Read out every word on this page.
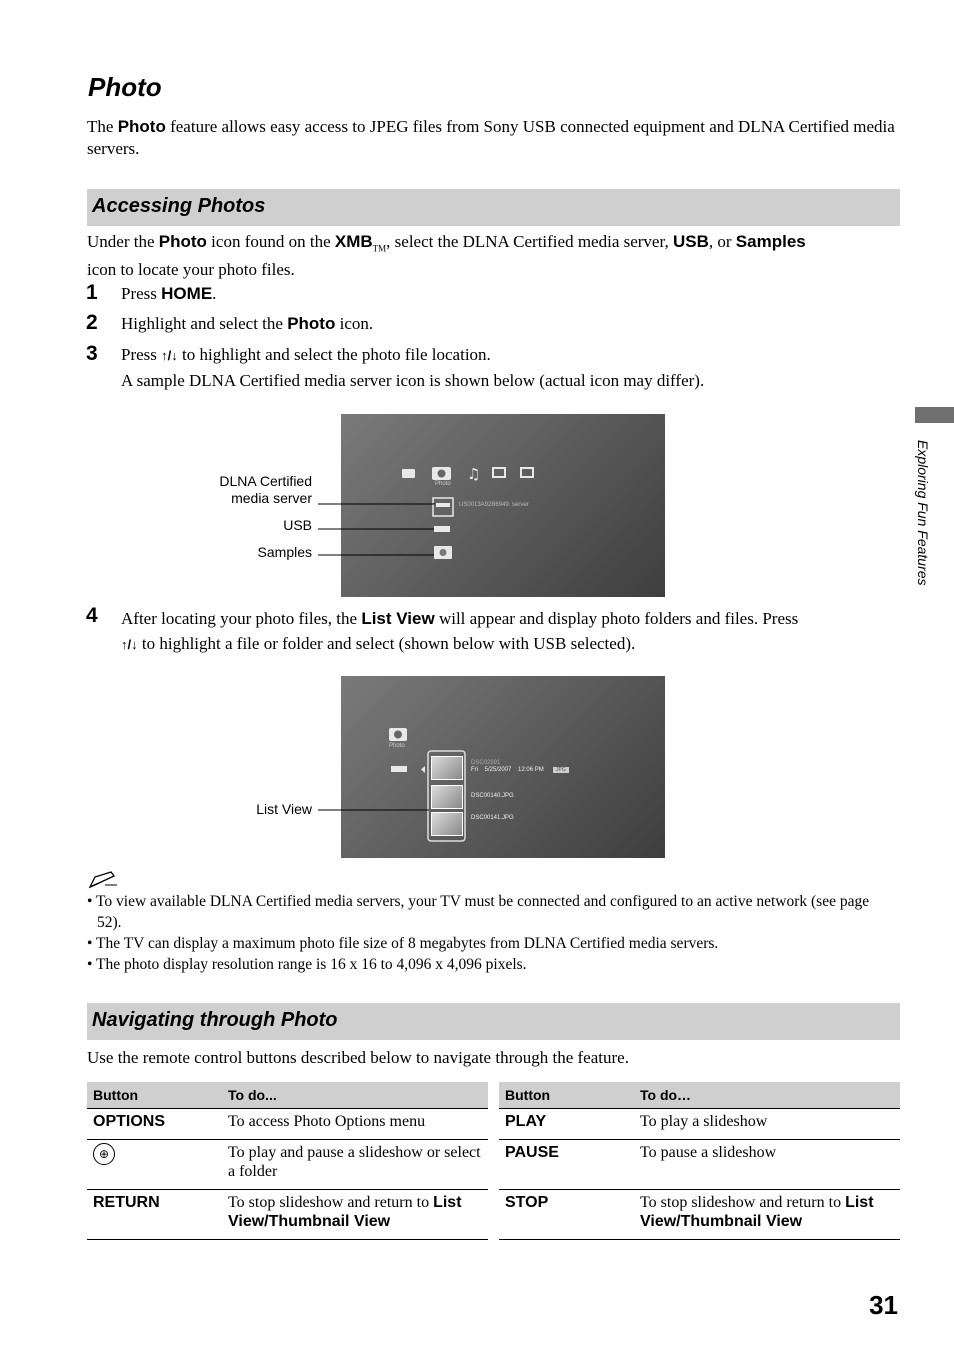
Photo
The Photo feature allows easy access to JPEG files from Sony USB connected equipment and DLNA Certified media servers.
Exploring Fun Features
Accessing Photos
Under the Photo icon found on the $XMB_{TM}$, select the DLNA Certified media server, USB, or Samples
icon to locate your photo files.
1 Press HOME.
2 Highlight and select the Photo icon.
3 Press ↑/↓ to highlight and select the photo file location.
A sample DLNA Certified media server icon is shown below (actual icon may differ).
♫
Photo
US0013A92B6949: server
DLNA Certified
media server
USB
Samples
4 After locating your photo files, the List View will appear and display photo folders and files. Press
↑/↓ to highlight a file or folder and select (shown below with USB selected).
Photo
DSC02991
Fri    5/25/2007    12:06 PM	JPG
DSC00140.JPG
DSC00141.JPG
List View
• To view available DLNA Certified media servers, your TV must be connected and configured to an active network (see page 52).
• The TV can display a maximum photo file size of 8 megabytes from DLNA Certified media servers.
• The photo display resolution range is 16 x 16 to 4,096 x 4,096 pixels.
Navigating through Photo
Use the remote control buttons described below to navigate through the feature.
Button	To do...
OPTIONS	To access Photo Options menu
⊕	To play and pause a slideshow or select a folder
RETURN	To stop slideshow and return to List View/Thumbnail View
Button	To do…
PLAY	To play a slideshow
PAUSE	To pause a slideshow
STOP	To stop slideshow and return to List View/Thumbnail View
31
